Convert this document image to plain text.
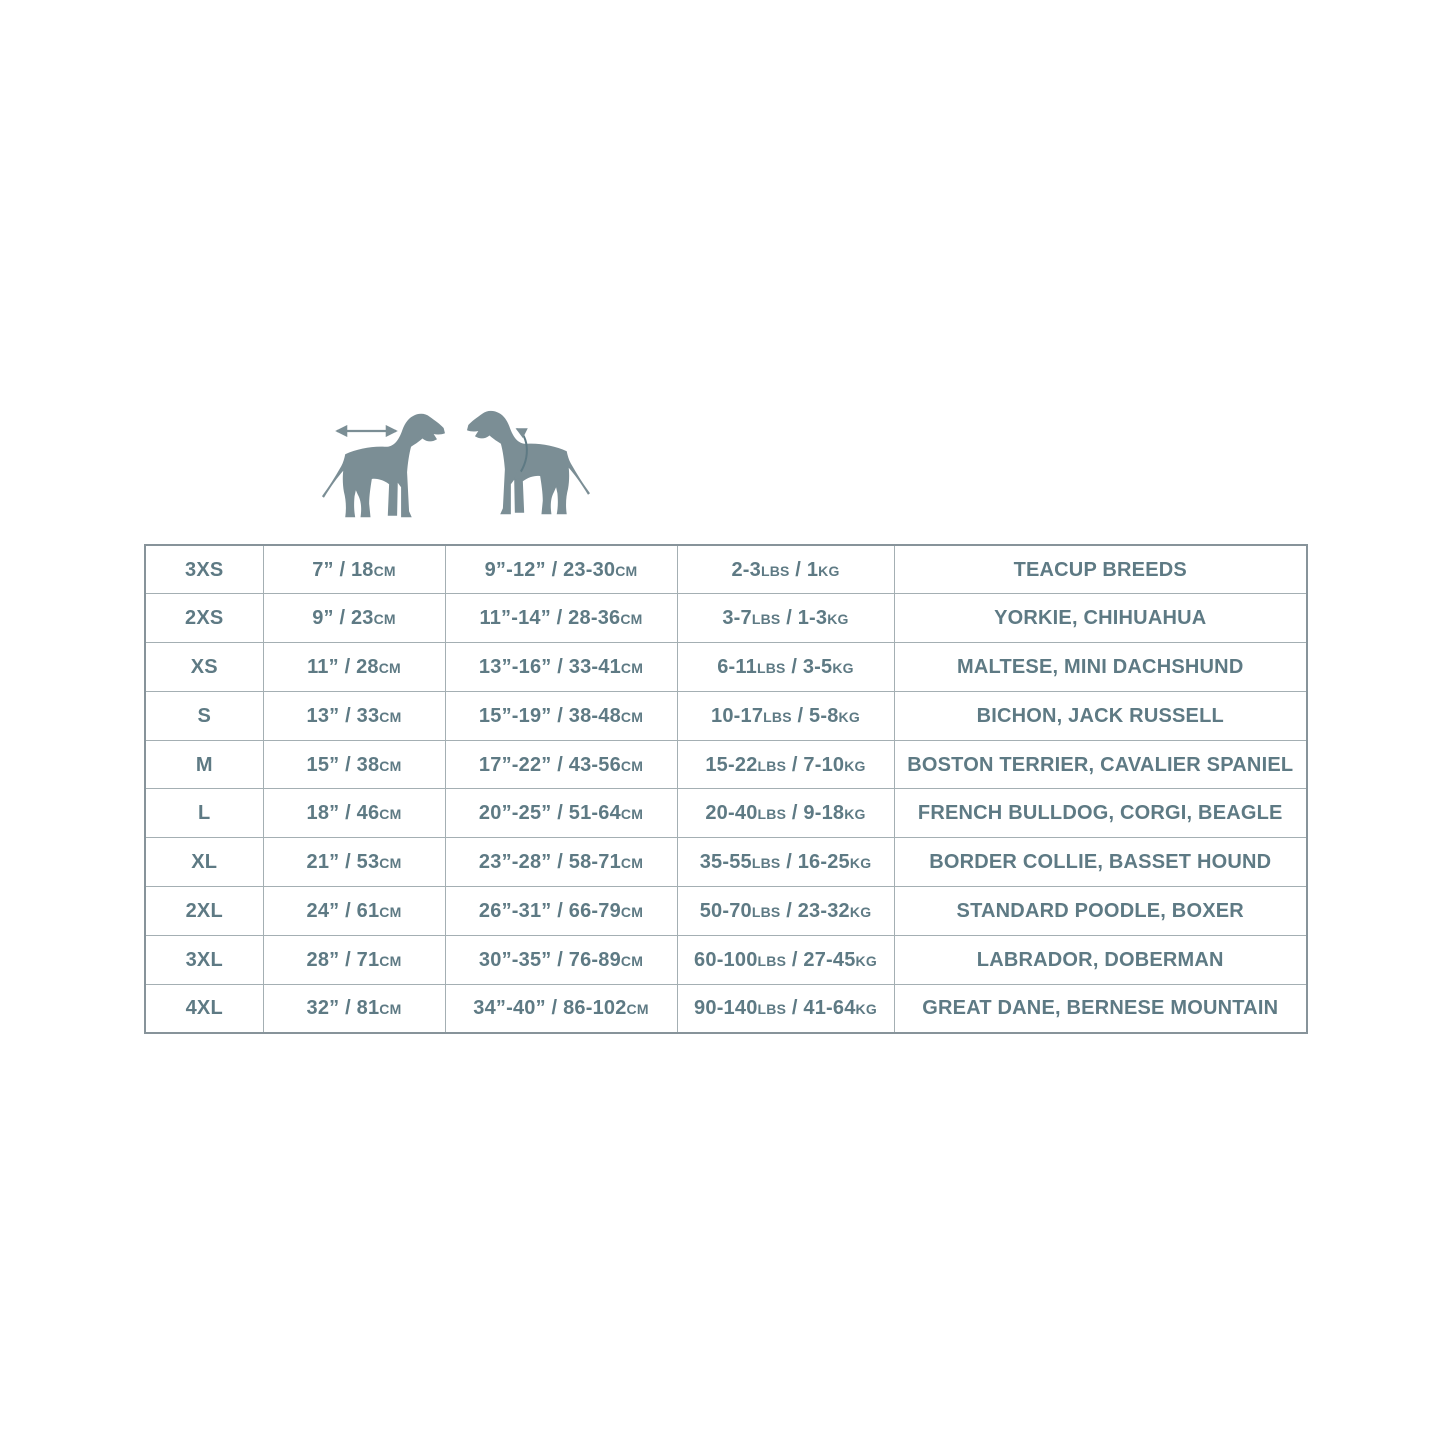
3XS	7” / 18cm	9”-12” / 23-30cm	2-3lbs / 1kg	TEACUP BREEDS
2XS	9” / 23cm	11”-14” / 28-36cm	3-7lbs / 1-3kg	YORKIE, CHIHUAHUA
XS	11” / 28cm	13”-16” / 33-41cm	6-11lbs / 3-5kg	MALTESE, MINI DACHSHUND
S	13” / 33cm	15”-19” / 38-48cm	10-17lbs / 5-8kg	BICHON, JACK RUSSELL
M	15” / 38cm	17”-22” / 43-56cm	15-22lbs / 7-10kg	BOSTON TERRIER, CAVALIER SPANIEL
L	18” / 46cm	20”-25” / 51-64cm	20-40lbs / 9-18kg	FRENCH BULLDOG, CORGI, BEAGLE
XL	21” / 53cm	23”-28” / 58-71cm	35-55lbs / 16-25kg	BORDER COLLIE, BASSET HOUND
2XL	24” / 61cm	26”-31” / 66-79cm	50-70lbs / 23-32kg	STANDARD POODLE, BOXER
3XL	28” / 71cm	30”-35” / 76-89cm	60-100lbs / 27-45kg	LABRADOR, DOBERMAN
4XL	32” / 81cm	34”-40” / 86-102cm	90-140lbs / 41-64kg	GREAT DANE, BERNESE MOUNTAIN
